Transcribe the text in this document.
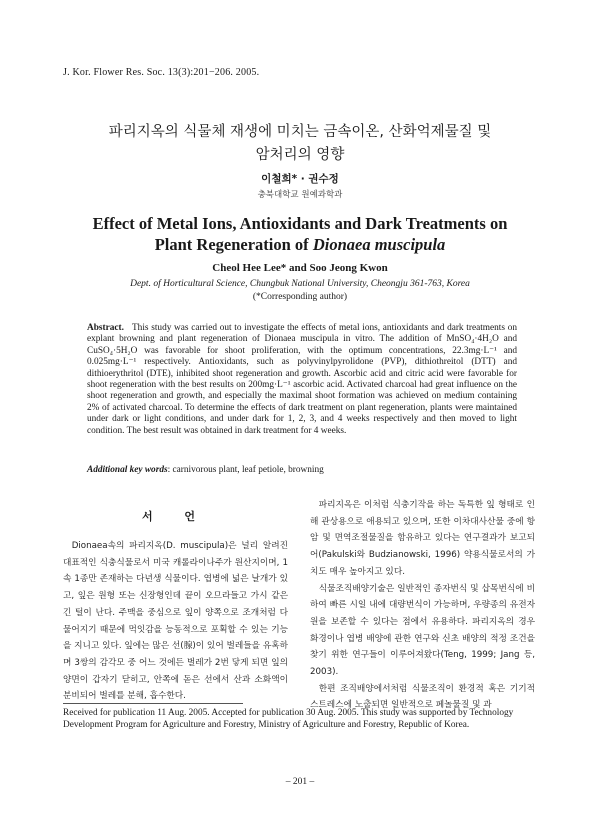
J. Kor. Flower Res. Soc. 13(3):201−206. 2005.
파리지옥의 식물체 재생에 미치는 금속이온, 산화억제물질 및
암처리의 영향
이철희* · 권수정
충북대학교 원예과학과
Effect of Metal Ions, Antioxidants and Dark Treatments on
Plant Regeneration of Dionaea muscipula
Cheol Hee Lee* and Soo Jeong Kwon
Dept. of Horticultural Science, Chungbuk National University, Cheongju 361-763, Korea
(*Corresponding author)
Abstract. This study was carried out to investigate the effects of metal ions, antioxidants and dark treatments on explant browning and plant regeneration of Dionaea muscipula in vitro. The addition of MnSO₄·4H₂O and CuSO₄·5H₂O was favorable for shoot proliferation, with the optimum concentrations, 22.3mg·L⁻¹ and 0.025mg·L⁻¹ respectively. Antioxidants, such as polyvinylpyrolidone (PVP), dithiothreitol (DTT) and dithioerythritol (DTE), inhibited shoot regeneration and growth. Ascorbic acid and citric acid were favorable for shoot regeneration with the best results on 200mg·L⁻¹ ascorbic acid. Activated charcoal had great influence on the shoot regeneration and growth, and especially the maximal shoot formation was achieved on medium containing 2% of activated charcoal. To determine the effects of dark treatment on plant regeneration, plants were maintained under dark or light conditions, and under dark for 1, 2, 3, and 4 weeks respectively and then moved to light condition. The best result was obtained in dark treatment for 4 weeks.
Additional key words: carnivorous plant, leaf petiole, browning
서 언

Dionaea속의 파리지옥(D. muscipula)은 널리 알려진 대표적인 식충식물로서 미국 캐롤라이나주가 원산지이며, 1속 1종만 존재하는 다년생 식물이다. 엽병에 넓은 날개가 있고, 잎은 원형 또는 신장형인데 끝이 오므라들고 가시 같은 긴 털이 난다. 주맥을 중심으로 잎이 양쪽으로 조개처럼 다물어지기 때문에 먹잇감을 능동적으로 포획할 수 있는 기능을 지니고 있다. 잎에는 많은 선(腺)이 있어 벌레들을 유혹하며 3쌍의 감각모 중 어느 것에든 벌레가 2번 닿게 되면 잎의 양면이 갑자기 닫히고, 안쪽에 돋은 선에서 산과 소화액이 분비되어 벌레를 분해, 흡수한다.

파리지옥은 이처럼 식충기작을 하는 독특한 잎 형태로 인해 관상용으로 애용되고 있으며, 또한 이차대사산물 중에 항암 및 면역조절물질을 함유하고 있다는 연구결과가 보고되어(Pakulski와 Budzianowski, 1996) 약용식물로서의 가치도 매우 높아지고 있다.

식물조직배양기술은 일반적인 종자번식 및 삽목번식에 비하여 빠른 시일 내에 대량번식이 가능하며, 우량종의 유전자원을 보존할 수 있다는 점에서 유용하다. 파리지옥의 경우 화경이나 엽병 배양에 관한 연구와 신초 배양의 적정 조건을 찾기 위한 연구들이 이루어져왔다(Teng, 1999; Jang 등, 2003).

한편 조직배양에서처럼 식물조직이 환경적 혹은 기기적 스트레스에 노출되면 일반적으로 페놀물질 및 과

Received for publication 11 Aug. 2005. Accepted for publication 30 Aug. 2005. This study was supported by Technology Development Program for Agriculture and Forestry, Ministry of Agriculture and Forestry, Republic of Korea.
– 201 –
